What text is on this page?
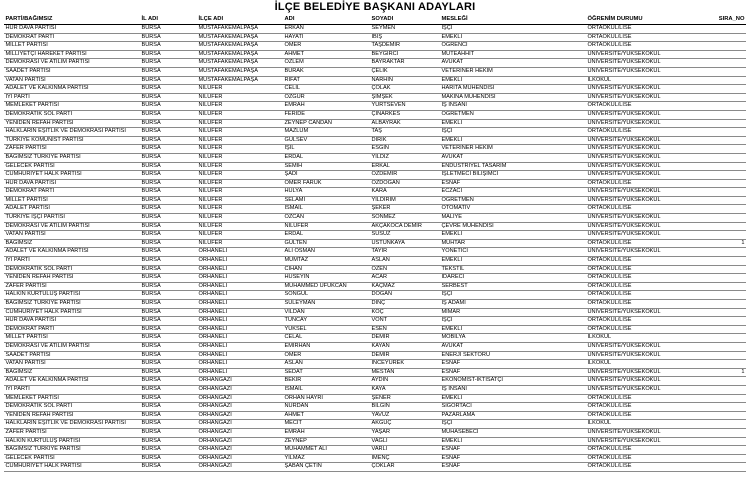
İLÇE BELEDİYE BAŞKANI ADAYLARI
PARTİ/BAĞIMSIZ	İL ADI	İLÇE ADI	ADI	SOYADI	MESLEĞİ	ÖĞRENİM DURUMU	SIRA_NO
HÜR DAVA PARTİSİ	BURSA	MUSTAFAKEMALPAŞA	ERKAN	SEYMEN	İŞÇİ	ORTAOKUL/LİSE	
DEMOKRAT PARTİ	BURSA	MUSTAFAKEMALPAŞA	HAYATİ	IBIŞ	EMEKLİ	ORTAOKUL/LİSE	
MİLLET PARTİSİ	BURSA	MUSTAFAKEMALPAŞA	ÖMER	TAŞDEMİR	ÖĞRENCİ	ORTAOKUL/LİSE	
MİLLİYETÇİ HAREKET PARTİSİ	BURSA	MUSTAFAKEMALPAŞA	AHMET	BEYGİRCİ	MÜTEAHHİT	ÜNİVERSİTE/YÜKSEKOKUL	
DEMOKRASİ VE ATILIM PARTİSİ	BURSA	MUSTAFAKEMALPAŞA	ÖZLEM	BAYRAKTAR	AVUKAT	ÜNİVERSİTE/YÜKSEKOKUL	
SAADET PARTİSİ	BURSA	MUSTAFAKEMALPAŞA	BURAK	ÇELİK	VETERİNER HEKİM	ÜNİVERSİTE/YÜKSEKOKUL	
VATAN PARTİSİ	BURSA	MUSTAFAKEMALPAŞA	RİFAT	NARHIN	EMEKLİ	İLKOKUL	
ADALET VE KALKINMA PARTİSİ	BURSA	NİLÜFER	CELİL	ÇOLAK	HARİTA MÜHENDİSİ	ÜNİVERSİTE/YÜKSEKOKUL	
İYİ PARTİ	BURSA	NİLÜFER	ÖZGÜR	ŞİMŞEK	MAKİNA MÜHENDİSİ	ÜNİVERSİTE/YÜKSEKOKUL	
MEMLEKET PARTİSİ	BURSA	NİLÜFER	EMRAH	YURTSEVEN	İŞ İNSANI	ORTAOKUL/LİSE	
DEMOKRATİK SOL PARTİ	BURSA	NİLÜFER	FERİDE	ÇINARKES	ÖĞRETMEN	ÜNİVERSİTE/YÜKSEKOKUL	
YENİDEN REFAH PARTİSİ	BURSA	NİLÜFER	ZEYNEP CANDAN	ALBAYRAK	EMEKLİ	ÜNİVERSİTE/YÜKSEKOKUL	
HALKLARIN EŞİTLİK VE DEMOKRASİ PARTİSİ	BURSA	NİLÜFER	MAZLUM	TAŞ	İŞÇİ	ORTAOKUL/LİSE	
TÜRKİYE KOMÜNİST PARTİSİ	BURSA	NİLÜFER	GÜLSEV	DİRİK	EMEKLİ	ÜNİVERSİTE/YÜKSEKOKUL	
ZAFER PARTİSİ	BURSA	NİLÜFER	IŞIL	ESGİN	VETERİNER HEKİM	ÜNİVERSİTE/YÜKSEKOKUL	
BAĞIMSIZ TÜRKİYE PARTİSİ	BURSA	NİLÜFER	ERDAL	YILDIZ	AVUKAT	ÜNİVERSİTE/YÜKSEKOKUL	
GELECEK PARTİSİ	BURSA	NİLÜFER	SEMİH	ERKAL	ENDÜSTRİYEL TASARIM	ÜNİVERSİTE/YÜKSEKOKUL	
CUMHURİYET HALK PARTİSİ	BURSA	NİLÜFER	ŞADİ	ÖZDEMİR	İŞLETMECİ BİLİŞİMCİ	ÜNİVERSİTE/YÜKSEKOKUL	
HÜR DAVA PARTİSİ	BURSA	NİLÜFER	ÖMER FARUK	ÖZDOĞAN	ESNAF	ORTAOKUL/LİSE	
DEMOKRAT PARTİ	BURSA	NİLÜFER	HÜLYA	KARA	ECZACI	ÜNİVERSİTE/YÜKSEKOKUL	
MİLLET PARTİSİ	BURSA	NİLÜFER	SELAMİ	YILDIRIM	ÖĞRETMEN	ÜNİVERSİTE/YÜKSEKOKUL	
ADALET PARTİSİ	BURSA	NİLÜFER	İSMAİL	ŞEKER	OTOMATİV	ORTAOKUL/LİSE	
TÜRKİYE İŞÇİ PARTİSİ	BURSA	NİLÜFER	ÖZCAN	SÖNMEZ	MALİYE	ÜNİVERSİTE/YÜKSEKOKUL	
DEMOKRASİ VE ATILIM PARTİSİ	BURSA	NİLÜFER	NİLÜFER	AKÇAKOCA DEMİR	ÇEVRE MÜHENDİSİ	ÜNİVERSİTE/YÜKSEKOKUL	
VATAN PARTİSİ	BURSA	NİLÜFER	ERDAL	SUSUZ	EMEKLİ	ÜNİVERSİTE/YÜKSEKOKUL	
BAĞIMSIZ	BURSA	NİLÜFER	GÜLTEN	ÜSTÜNKAYA	MUHTAR	ORTAOKUL/LİSE	1
ADALET VE KALKINMA PARTİSİ	BURSA	ORHANELİ	ALİ OSMAN	TAYIR	YÖNETİCİ	ÜNİVERSİTE/YÜKSEKOKUL	
İYİ PARTİ	BURSA	ORHANELİ	MÜMTAZ	ASLAN	EMEKLİ	ORTAOKUL/LİSE	
DEMOKRATİK SOL PARTİ	BURSA	ORHANELİ	CİHAN	ÖZEN	TEKSTİL	ORTAOKUL/LİSE	
YENİDEN REFAH PARTİSİ	BURSA	ORHANELİ	HÜSEYİN	ACAR	İDARECİ	ORTAOKUL/LİSE	
ZAFER PARTİSİ	BURSA	ORHANELİ	MUHAMMED UFUKCAN	KAÇMAZ	SERBEST	ORTAOKUL/LİSE	
HALKIN KURTULUŞ PARTİSİ	BURSA	ORHANELİ	SONGÜL	DOĞAN	İŞÇİ	ORTAOKUL/LİSE	
BAĞIMSIZ TÜRKİYE PARTİSİ	BURSA	ORHANELİ	SÜLEYMAN	DİNÇ	İŞ ADAMI	ORTAOKUL/LİSE	
CUMHURİYET HALK PARTİSİ	BURSA	ORHANELİ	VİLDAN	KOÇ	MİMAR	ÜNİVERSİTE/YÜKSEKOKUL	
HÜR DAVA PARTİSİ	BURSA	ORHANELİ	TUNCAY	VONT	İŞÇİ	ORTAOKUL/LİSE	
DEMOKRAT PARTİ	BURSA	ORHANELİ	YÜKSEL	ESEN	EMEKLİ	ORTAOKUL/LİSE	
MİLLET PARTİSİ	BURSA	ORHANELİ	CELAL	DEMİR	MOBİLYA	İLKOKUL	
DEMOKRASİ VE ATILIM PARTİSİ	BURSA	ORHANELİ	EMİRHAN	KAYAN	AVUKAT	ÜNİVERSİTE/YÜKSEKOKUL	
SAADET PARTİSİ	BURSA	ORHANELİ	ÖMER	DEMİR	ENERJİ SEKTÖRÜ	ÜNİVERSİTE/YÜKSEKOKUL	
VATAN PARTİSİ	BURSA	ORHANELİ	ASLAN	İNCEYÜREK	ESNAF	İLKOKUL	
BAĞIMSIZ	BURSA	ORHANELİ	SEDAT	MESTAN	ESNAF	ÜNİVERSİTE/YÜKSEKOKUL	1
ADALET VE KALKINMA PARTİSİ	BURSA	ORHANGAZİ	BEKİR	AYDIN	EKONOMİST-İKTİSATÇI	ÜNİVERSİTE/YÜKSEKOKUL	
İYİ PARTİ	BURSA	ORHANGAZİ	İSMAİL	KAYA	İŞ İNSANI	ÜNİVERSİTE/YÜKSEKOKUL	
MEMLEKET PARTİSİ	BURSA	ORHANGAZİ	ORHAN HAYRİ	ŞENER	EMEKLİ	ORTAOKUL/LİSE	
DEMOKRATİK SOL PARTİ	BURSA	ORHANGAZİ	NURDAN	BİLGİN	SİGORTACI	ORTAOKUL/LİSE	
YENİDEN REFAH PARTİSİ	BURSA	ORHANGAZİ	AHMET	YAVUZ	PAZARLAMA	ORTAOKUL/LİSE	
HALKLARIN EŞİTLİK VE DEMOKRASİ PARTİSİ	BURSA	ORHANGAZİ	MECİT	AKGÜÇ	İŞÇİ	İLKOKUL	
ZAFER PARTİSİ	BURSA	ORHANGAZİ	EMRAH	YAŞAR	MUHASEBECİ	ÜNİVERSİTE/YÜKSEKOKUL	
HALKIN KURTULUŞ PARTİSİ	BURSA	ORHANGAZİ	ZEYNEP	VAĞLI	EMEKLİ	ÜNİVERSİTE/YÜKSEKOKUL	
BAĞIMSIZ TÜRKİYE PARTİSİ	BURSA	ORHANGAZİ	MUHAMMET ALİ	VARLI	ESNAF	ORTAOKUL/LİSE	
GELECEK PARTİSİ	BURSA	ORHANGAZİ	YILMAZ	İMENÇ	ESNAF	ORTAOKUL/LİSE	
CUMHURİYET HALK PARTİSİ	BURSA	ORHANGAZİ	ŞABAN ÇETİN	ÇOKLAR	ESNAF	ORTAOKUL/LİSE	
